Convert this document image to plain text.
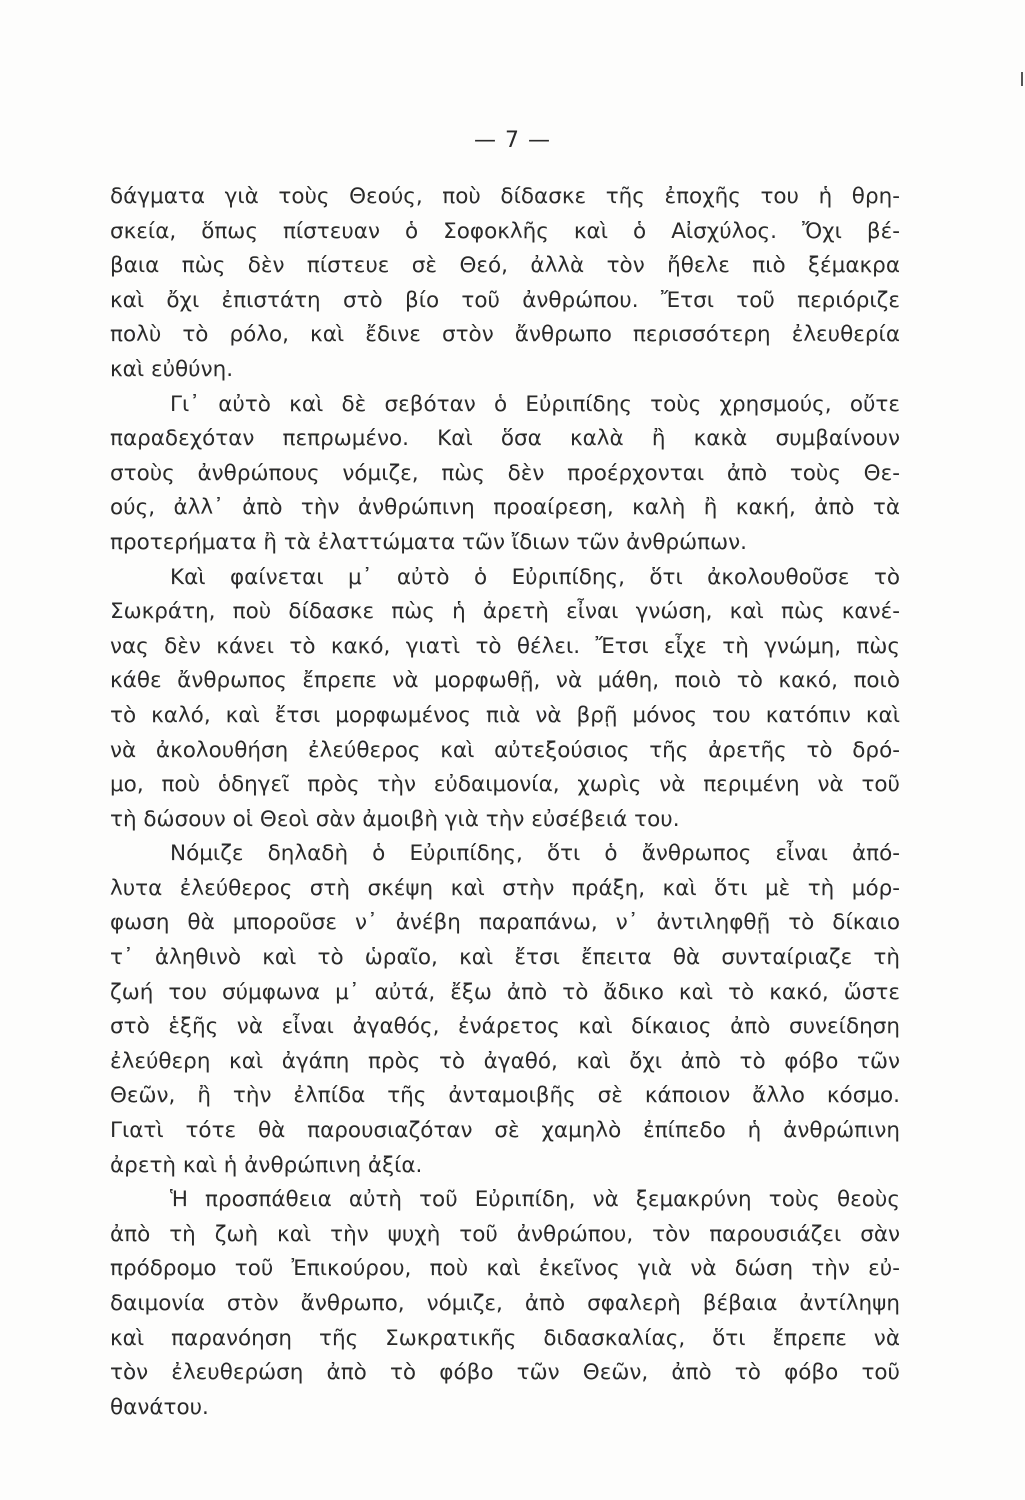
— 7 —
δάγματα γιὰ τοὺς Θεούς, ποὺ δίδασκε τῆς ἐποχῆς του ἡ θρη-
σκεία, ὅπως πίστευαν ὁ Σοφοκλῆς καὶ ὁ Αἰσχύλος. Ὄχι βέ-
βαια πὼς δὲν πίστευε σὲ Θεό, ἀλλὰ τὸν ἤθελε πιὸ ξέμακρα
καὶ ὄχι ἐπιστάτη στὸ βίο τοῦ ἀνθρώπου. Ἔτσι τοῦ περιόριζε
πολὺ τὸ ρόλο, καὶ ἔδινε στὸν ἄνθρωπο περισσότερη ἐλευθερία
καὶ εὐθύνη.
Γι᾿ αὐτὸ καὶ δὲ σεβόταν ὁ Εὐριπίδης τοὺς χρησμούς, οὔτε
παραδεχόταν πεπρωμένο. Καὶ ὅσα καλὰ ἢ κακὰ συμβαίνουν
στοὺς ἀνθρώπους νόμιζε, πὼς δὲν προέρχονται ἀπὸ τοὺς Θε-
ούς, ἀλλ᾿ ἀπὸ τὴν ἀνθρώπινη προαίρεση, καλὴ ἢ κακή, ἀπὸ τὰ
προτερήματα ἢ τὰ ἐλαττώματα τῶν ἴδιων τῶν ἀνθρώπων.
Καὶ φαίνεται μ᾿ αὐτὸ ὁ Εὐριπίδης, ὅτι ἀκολουθοῦσε τὸ
Σωκράτη, ποὺ δίδασκε πὼς ἡ ἀρετὴ εἶναι γνώση, καὶ πὼς κανέ-
νας δὲν κάνει τὸ κακό, γιατὶ τὸ θέλει. Ἔτσι εἶχε τὴ γνώμη, πὼς
κάθε ἄνθρωπος ἔπρεπε νὰ μορφωθῇ, νὰ μάθη, ποιὸ τὸ κακό, ποιὸ
τὸ καλό, καὶ ἔτσι μορφωμένος πιὰ νὰ βρῇ μόνος του κατόπιν καὶ
νὰ ἀκολουθήση ἐλεύθερος καὶ αὐτεξούσιος τῆς ἀρετῆς τὸ δρό-
μο, ποὺ ὁδηγεῖ πρὸς τὴν εὐδαιμονία, χωρὶς νὰ περιμένη νὰ τοῦ
τὴ δώσουν οἱ Θεοὶ σὰν ἀμοιβὴ γιὰ τὴν εὐσέβειά του.
Νόμιζε δηλαδὴ ὁ Εὐριπίδης, ὅτι ὁ ἄνθρωπος εἶναι ἀπό-
λυτα ἐλεύθερος στὴ σκέψη καὶ στὴν πράξη, καὶ ὅτι μὲ τὴ μόρ-
φωση θὰ μποροῦσε ν᾿ ἀνέβη παραπάνω, ν᾿ ἀντιληφθῇ τὸ δίκαιο
τ᾿ ἀληθινὸ καὶ τὸ ὡραῖο, καὶ ἔτσι ἔπειτα θὰ συνταίριαζε τὴ
ζωή του σύμφωνα μ᾿ αὐτά, ἔξω ἀπὸ τὸ ἄδικο καὶ τὸ κακό, ὥστε
στὸ ἑξῆς νὰ εἶναι ἀγαθός, ἐνάρετος καὶ δίκαιος ἀπὸ συνείδηση
ἐλεύθερη καὶ ἀγάπη πρὸς τὸ ἀγαθό, καὶ ὄχι ἀπὸ τὸ φόβο τῶν
Θεῶν, ἢ τὴν ἐλπίδα τῆς ἀνταμοιβῆς σὲ κάποιον ἄλλο κόσμο.
Γιατὶ τότε θὰ παρουσιαζόταν σὲ χαμηλὸ ἐπίπεδο ἡ ἀνθρώπινη
ἀρετὴ καὶ ἡ ἀνθρώπινη ἀξία.
Ἡ προσπάθεια αὐτὴ τοῦ Εὐριπίδη, νὰ ξεμακρύνη τοὺς θεοὺς
ἀπὸ τὴ ζωὴ καὶ τὴν ψυχὴ τοῦ ἀνθρώπου, τὸν παρουσιάζει σὰν
πρόδρομο τοῦ Ἐπικούρου, ποὺ καὶ ἐκεῖνος γιὰ νὰ δώση τὴν εὐ-
δαιμονία στὸν ἄνθρωπο, νόμιζε, ἀπὸ σφαλερὴ βέβαια ἀντίληψη
καὶ παρανόηση τῆς Σωκρατικῆς διδασκαλίας, ὅτι ἔπρεπε νὰ
τὸν ἐλευθερώση ἀπὸ τὸ φόβο τῶν Θεῶν, ἀπὸ τὸ φόβο τοῦ
θανάτου.
